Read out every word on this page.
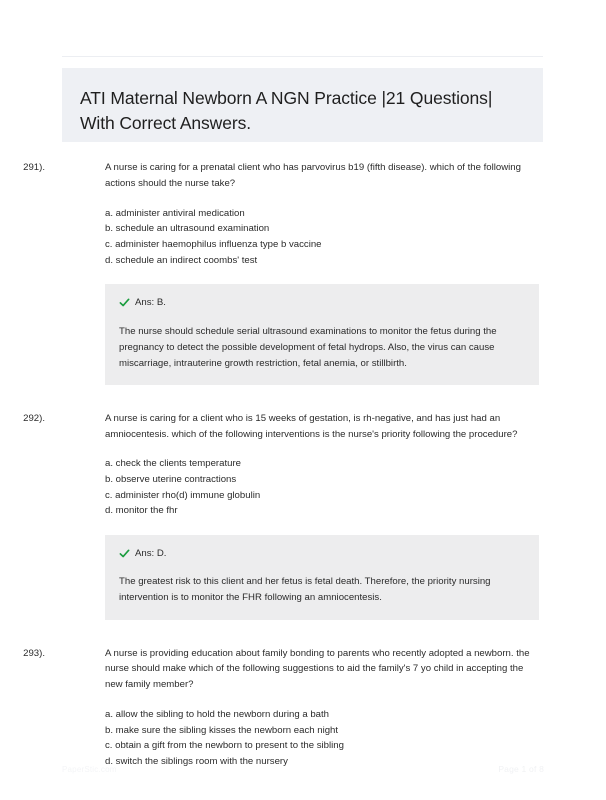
ATI Maternal Newborn A NGN Practice |21 Questions| With Correct Answers.
291).	A nurse is caring for a prenatal client who has parvovirus b19 (fifth disease). which of the following actions should the nurse take?
a. administer antiviral medication
b. schedule an ultrasound examination
c. administer haemophilus influenza type b vaccine
d. schedule an indirect coombs' test
Ans: B.
The nurse should schedule serial ultrasound examinations to monitor the fetus during the pregnancy to detect the possible development of fetal hydrops. Also, the virus can cause miscarriage, intrauterine growth restriction, fetal anemia, or stillbirth.
292).	A nurse is caring for a client who is 15 weeks of gestation, is rh-negative, and has just had an amniocentesis. which of the following interventions is the nurse's priority following the procedure?
a. check the clients temperature
b. observe uterine contractions
c. administer rho(d) immune globulin
d. monitor the fhr
Ans: D.
The greatest risk to this client and her fetus is fetal death. Therefore, the priority nursing intervention is to monitor the FHR following an amniocentesis.
293).	A nurse is providing education about family bonding to parents who recently adopted a newborn. the nurse should make which of the following suggestions to aid the family's 7 yo child in accepting the new family member?
a. allow the sibling to hold the newborn during a bath
b. make sure the sibling kisses the newborn each night
c. obtain a gift from the newborn to present to the sibling
d. switch the siblings room with the nursery
PaperStic.com	Page 1 of 8
